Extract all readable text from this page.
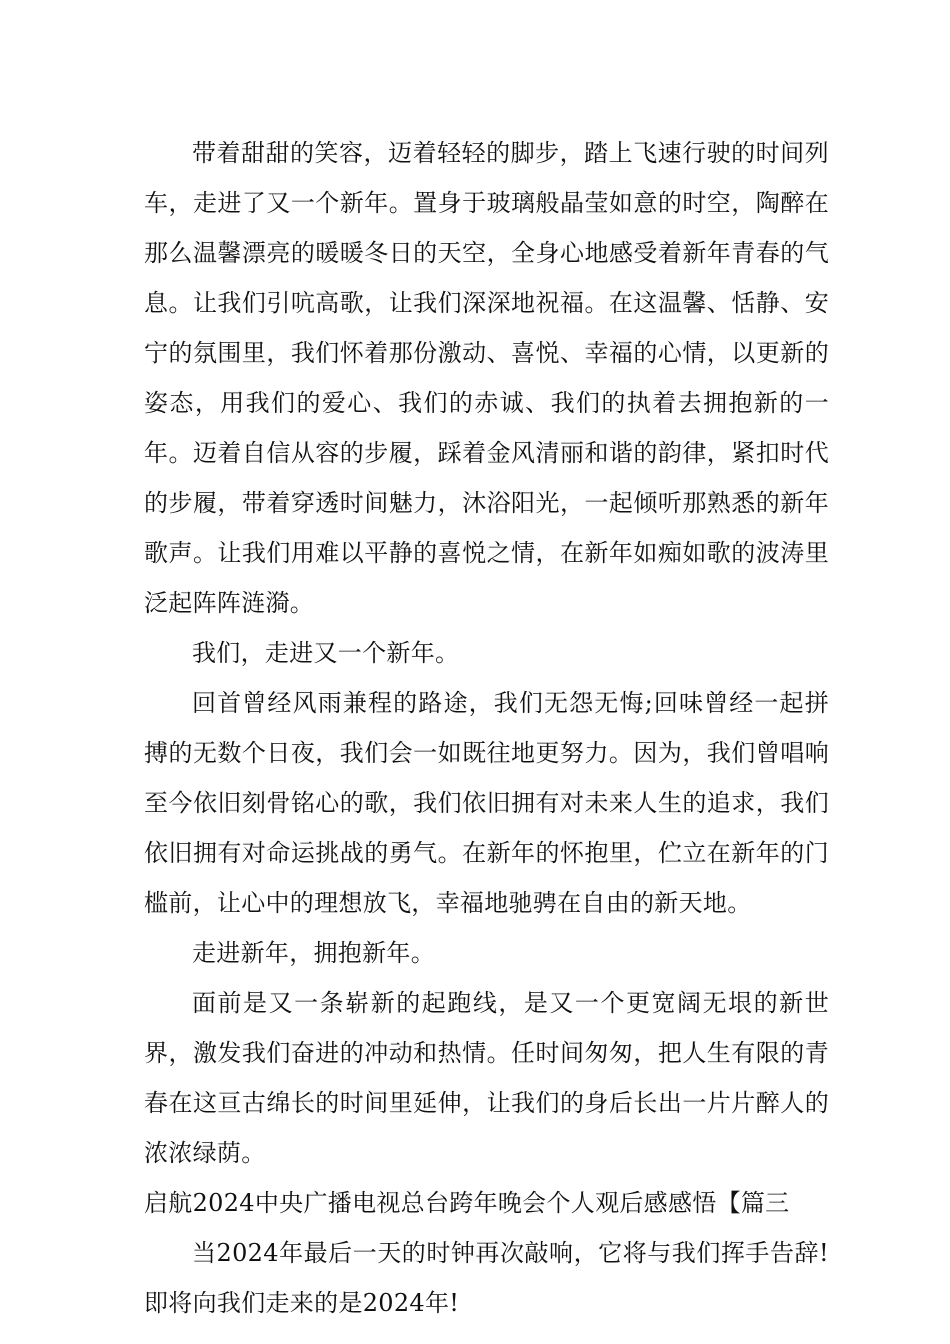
带着甜甜的笑容，迈着轻轻的脚步，踏上飞速行驶的时间列车，走进了又一个新年。置身于玻璃般晶莹如意的时空，陶醉在那么温馨漂亮的暖暖冬日的天空，全身心地感受着新年青春的气息。让我们引吭高歌，让我们深深地祝福。在这温馨、恬静、安宁的氛围里，我们怀着那份激动、喜悦、幸福的心情，以更新的姿态，用我们的爱心、我们的赤诚、我们的执着去拥抱新的一年。迈着自信从容的步履，踩着金风清丽和谐的韵律，紧扣时代的步履，带着穿透时间魅力，沐浴阳光，一起倾听那熟悉的新年歌声。让我们用难以平静的喜悦之情，在新年如痴如歌的波涛里泛起阵阵涟漪。

我们，走进又一个新年。

回首曾经风雨兼程的路途，我们无怨无悔;回味曾经一起拼搏的无数个日夜，我们会一如既往地更努力。因为，我们曾唱响至今依旧刻骨铭心的歌，我们依旧拥有对未来人生的追求，我们依旧拥有对命运挑战的勇气。在新年的怀抱里，伫立在新年的门槛前，让心中的理想放飞，幸福地驰骋在自由的新天地。

走进新年，拥抱新年。

面前是又一条崭新的起跑线，是又一个更宽阔无垠的新世界，激发我们奋进的冲动和热情。任时间匆匆，把人生有限的青春在这亘古绵长的时间里延伸，让我们的身后长出一片片醉人的浓浓绿荫。

启航2024中央广播电视总台跨年晚会个人观后感感悟【篇三

当2024年最后一天的时钟再次敲响，它将与我们挥手告辞!即将向我们走来的是2024年!
